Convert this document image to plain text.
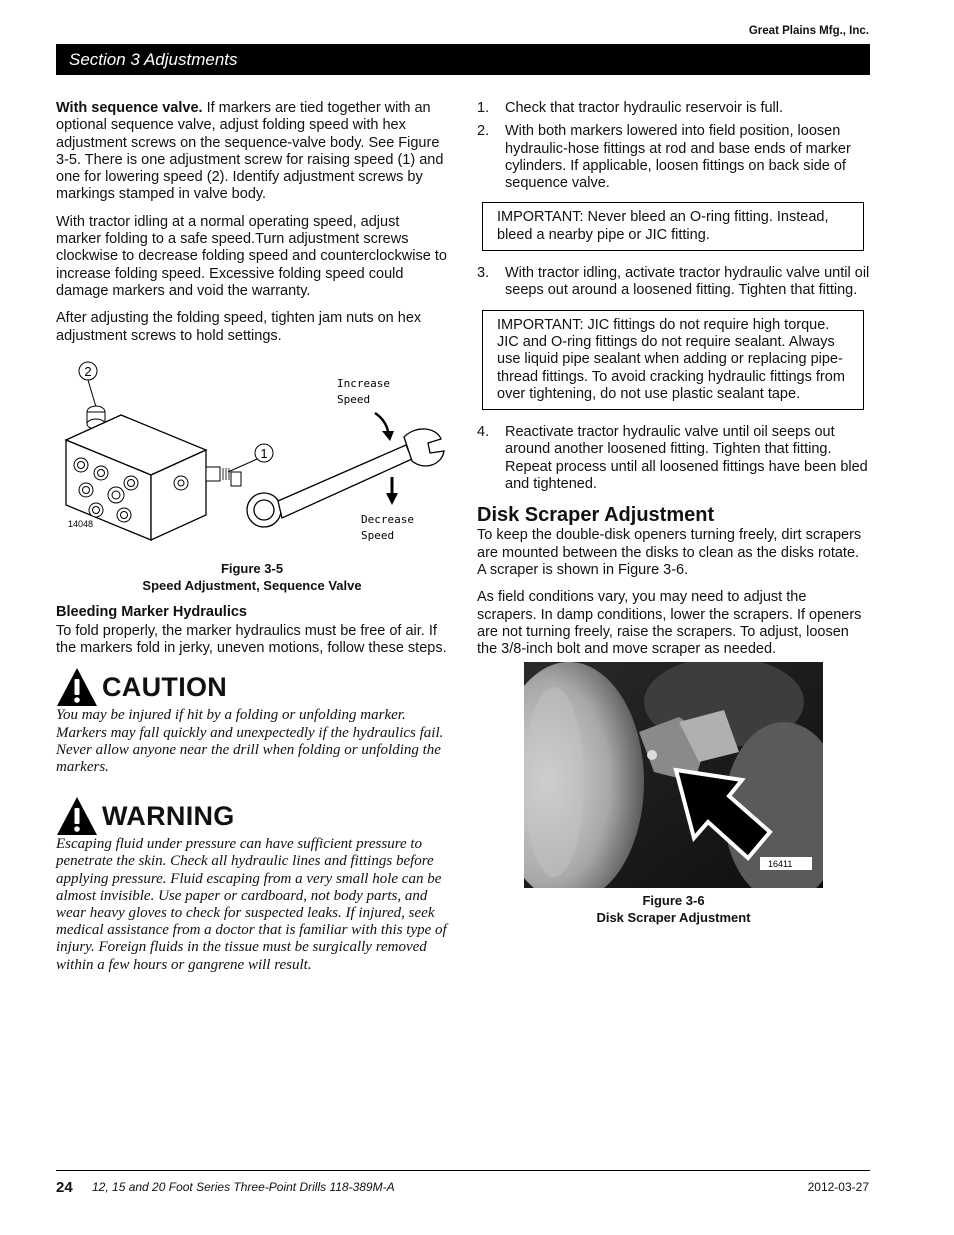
Great Plains Mfg., Inc.
Section 3 Adjustments

With sequence valve. If markers are tied together with an optional sequence valve, adjust folding speed with hex adjustment screws on the sequence-valve body. See Figure 3-5. There is one adjustment screw for raising speed (1) and one for lowering speed (2). Identify adjustment screws by markings stamped in valve body.

With tractor idling at a normal operating speed, adjust marker folding to a safe speed.Turn adjustment screws clockwise to decrease folding speed and counterclockwise to increase folding speed. Excessive folding speed could damage markers and void the warranty.

After adjusting the folding speed, tighten jam nuts on hex adjustment screws to hold settings.

2
1
Increase
Speed
Decrease
Speed
14048
Figure 3-5
Speed Adjustment, Sequence Valve
Bleeding Marker Hydraulics

To fold properly, the marker hydraulics must be free of air. If the markers fold in jerky, uneven motions, follow these steps.

CAUTION

You may be injured if hit by a folding or unfolding marker. Markers may fall quickly and unexpectedly if the hydraulics fail. Never allow anyone near the drill when folding or unfolding the markers.

WARNING

Escaping fluid under pressure can have sufficient pressure to penetrate the skin. Check all hydraulic lines and fittings before applying pressure. Fluid escaping from a very small hole can be almost invisible. Use paper or cardboard, not body parts, and wear heavy gloves to check for suspected leaks. If injured, seek medical assistance from a doctor that is familiar with this type of injury. Foreign fluids in the tissue must be surgically removed within a few hours or gangrene will result.

1. Check that tractor hydraulic reservoir is full.
2. With both markers lowered into field position, loosen hydraulic-hose fittings at rod and base ends of marker cylinders. If applicable, loosen fittings on back side of sequence valve.
IMPORTANT: Never bleed an O-ring fitting. Instead, bleed a nearby pipe or JIC fitting.
3. With tractor idling, activate tractor hydraulic valve until oil seeps out around a loosened fitting. Tighten that fitting.
IMPORTANT: JIC fittings do not require high torque. JIC and O-ring fittings do not require sealant. Always use liquid pipe sealant when adding or replacing pipe-thread fittings. To avoid cracking hydraulic fittings from over tightening, do not use plastic sealant tape.
4. Reactivate tractor hydraulic valve until oil seeps out around another loosened fitting. Tighten that fitting. Repeat process until all loosened fittings have been bled and tightened.
Disk Scraper Adjustment

To keep the double-disk openers turning freely, dirt scrapers are mounted between the disks to clean as the disks rotate. A scraper is shown in Figure 3-6.

As field conditions vary, you may need to adjust the scrapers. In damp conditions, lower the scrapers. If openers are not turning freely, raise the scrapers. To adjust, loosen the 3/8-inch bolt and move scraper as needed.

16411
Figure 3-6
Disk Scraper Adjustment
24 12, 15 and 20 Foot Series Three-Point Drills 118-389M-A	2012-03-27
